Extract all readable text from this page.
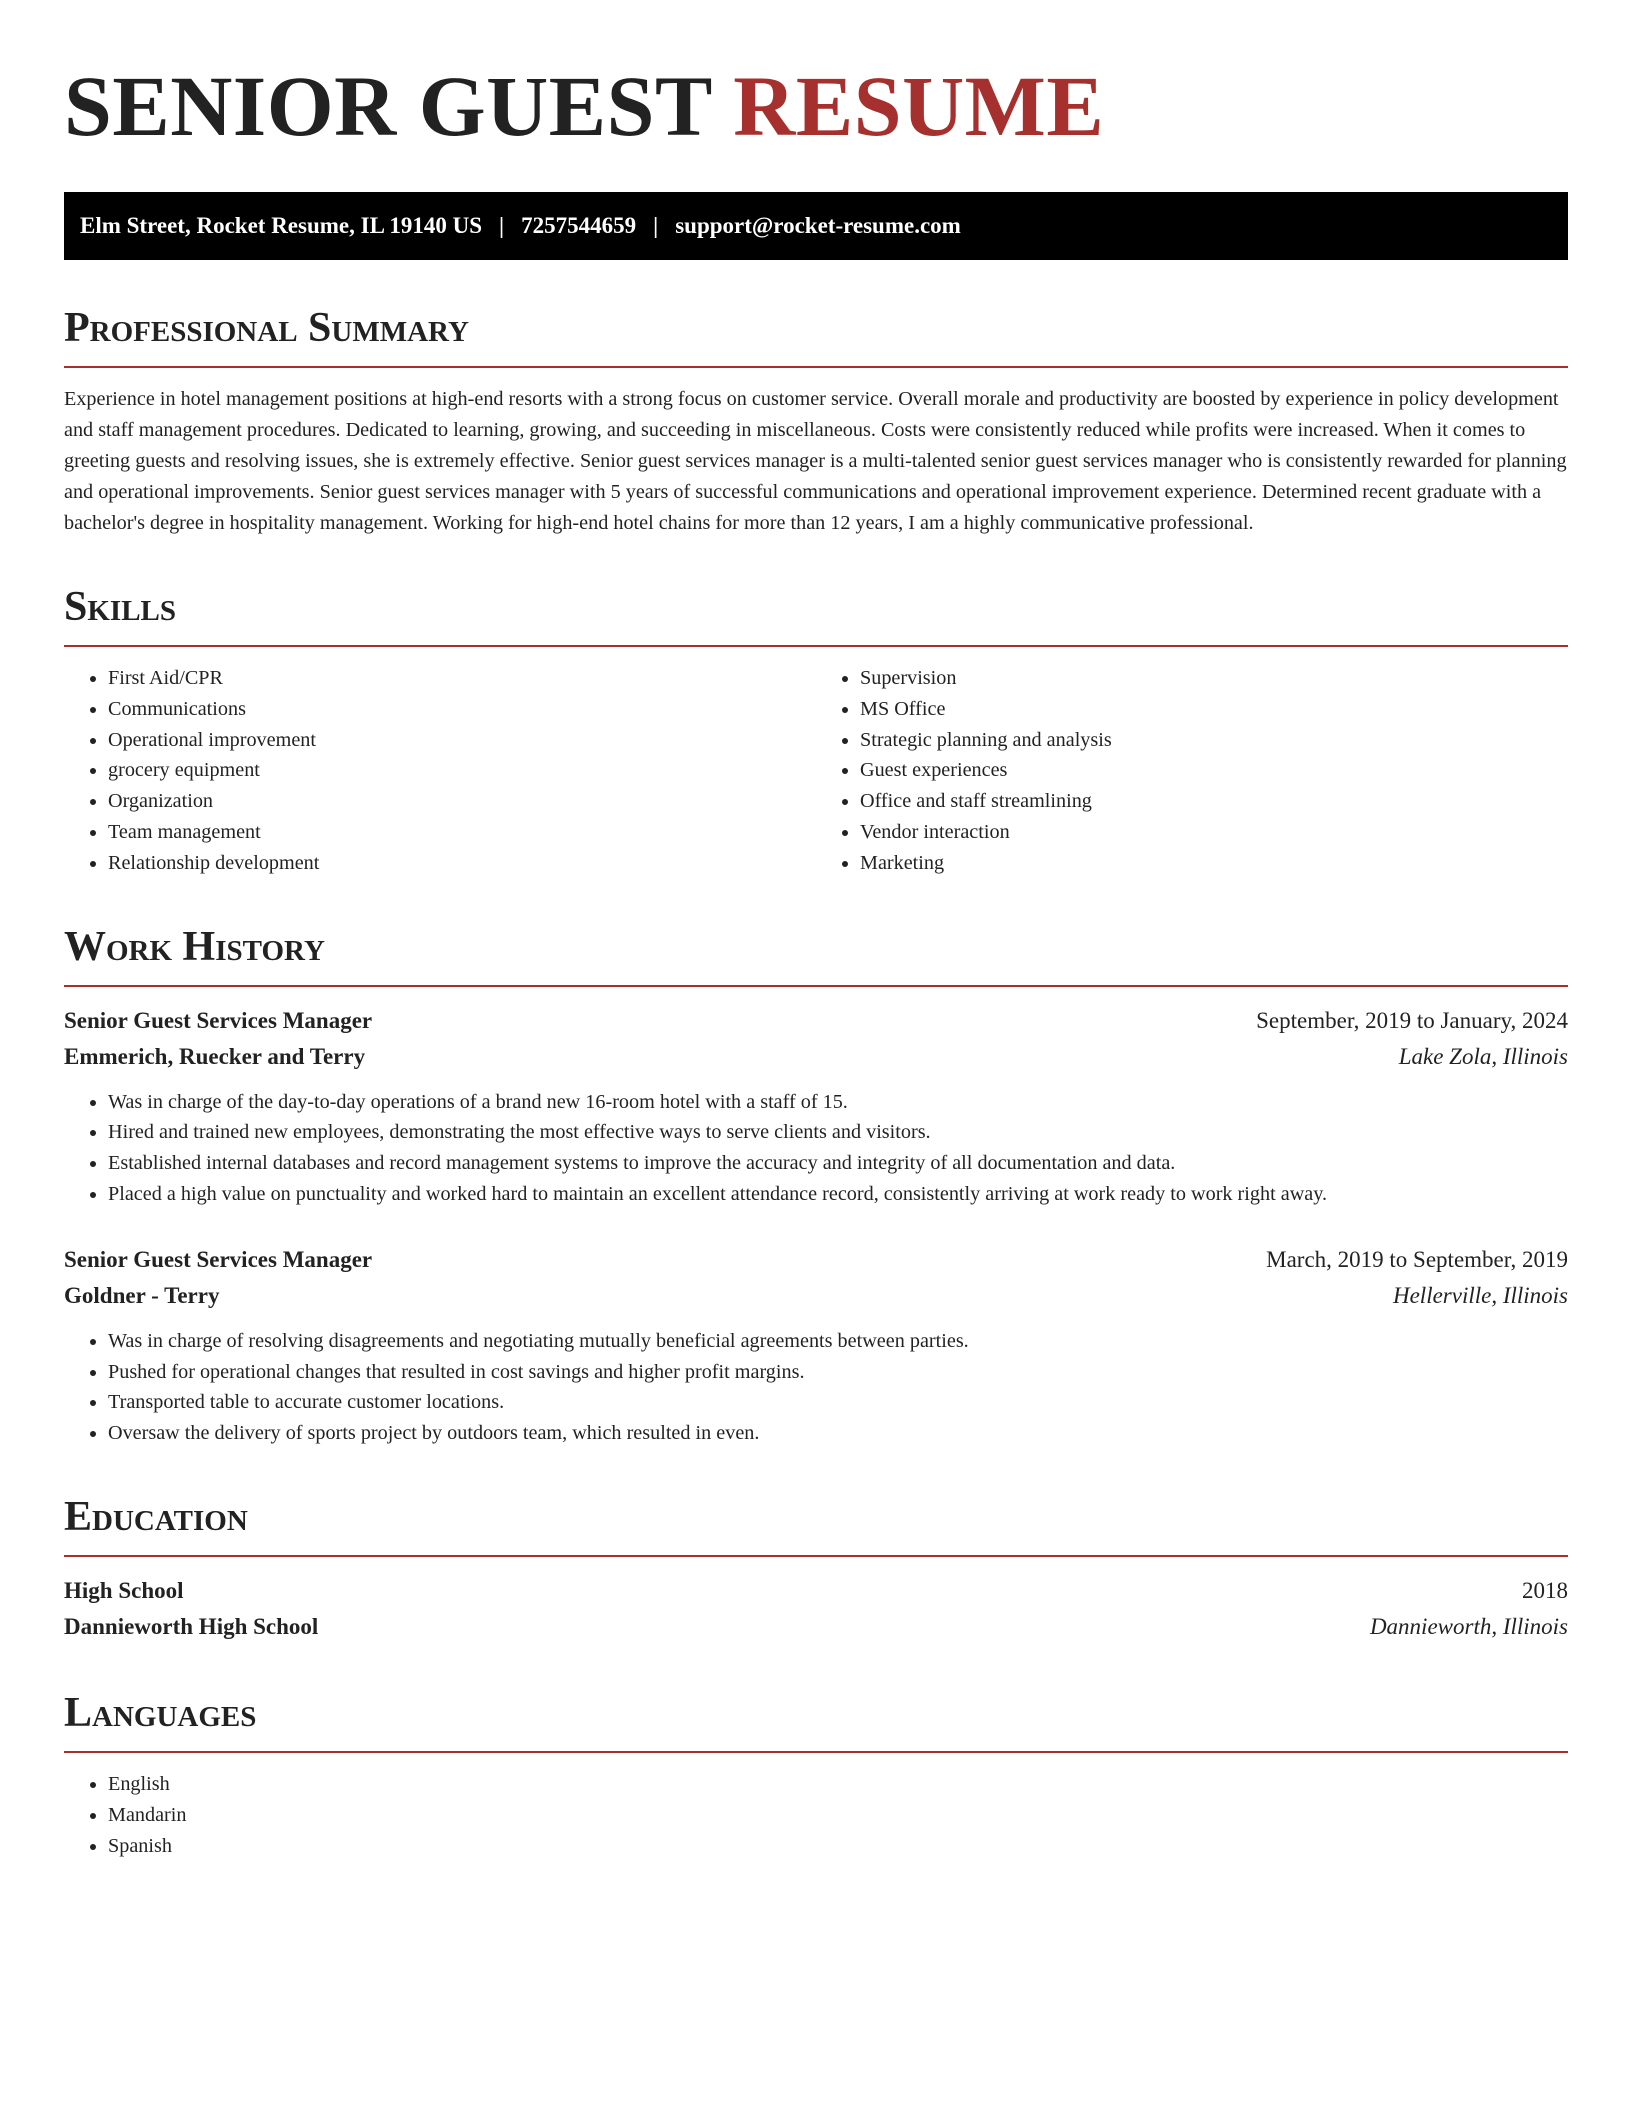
SENIOR GUEST RESUME
Elm Street, Rocket Resume, IL 19140 US | 7257544659 | support@rocket-resume.com
Professional Summary

Experience in hotel management positions at high-end resorts with a strong focus on customer service. Overall morale and productivity are boosted by experience in policy development and staff management procedures. Dedicated to learning, growing, and succeeding in miscellaneous. Costs were consistently reduced while profits were increased. When it comes to greeting guests and resolving issues, she is extremely effective. Senior guest services manager is a multi-talented senior guest services manager who is consistently rewarded for planning and operational improvements. Senior guest services manager with 5 years of successful communications and operational improvement experience. Determined recent graduate with a bachelor's degree in hospitality management. Working for high-end hotel chains for more than 12 years, I am a highly communicative professional.

Skills
• First Aid/CPR
• Communications
• Operational improvement
• grocery equipment
• Organization
• Team management
• Relationship development
• Supervision
• MS Office
• Strategic planning and analysis
• Guest experiences
• Office and staff streamlining
• Vendor interaction
• Marketing
Work History
Senior Guest Services Manager	September, 2019 to January, 2024
Emmerich, Ruecker and Terry	Lake Zola, Illinois
• Was in charge of the day-to-day operations of a brand new 16-room hotel with a staff of 15.
• Hired and trained new employees, demonstrating the most effective ways to serve clients and visitors.
• Established internal databases and record management systems to improve the accuracy and integrity of all documentation and data.
• Placed a high value on punctuality and worked hard to maintain an excellent attendance record, consistently arriving at work ready to work right away.
Senior Guest Services Manager	March, 2019 to September, 2019
Goldner - Terry	Hellerville, Illinois
• Was in charge of resolving disagreements and negotiating mutually beneficial agreements between parties.
• Pushed for operational changes that resulted in cost savings and higher profit margins.
• Transported table to accurate customer locations.
• Oversaw the delivery of sports project by outdoors team, which resulted in even.
Education
High School	2018
Dannieworth High School	Dannieworth, Illinois
Languages
• English
• Mandarin
• Spanish
